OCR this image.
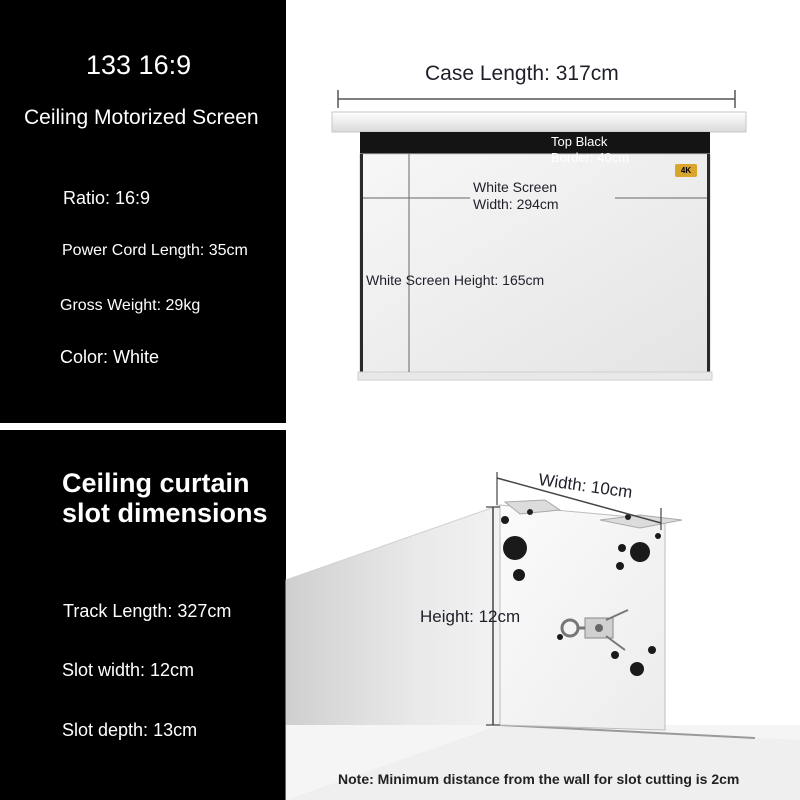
133 16:9
Ceiling Motorized Screen
Ratio: 16:9
Power Cord Length: 35cm
Gross Weight: 29kg
Color: White
Case Length: 317cm
Top Black Border: 40cm
4K
White Screen Width: 294cm
White Screen Height: 165cm
Ceiling curtain slot dimensions
Track Length: 327cm
Slot width: 12cm
Slot depth: 13cm
Width: 10cm
Height: 12cm
Note: Minimum distance from the wall for slot cutting is 2cm
